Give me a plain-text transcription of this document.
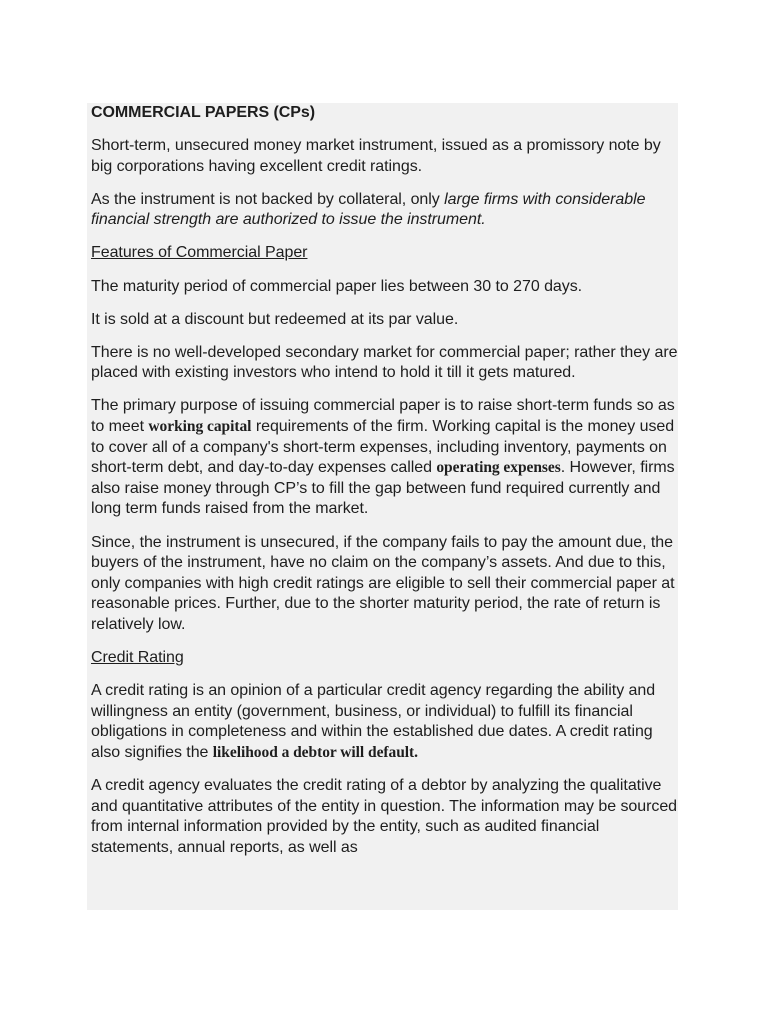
COMMERCIAL PAPERS (CPs)

Short-term, unsecured money market instrument, issued as a promissory note by big corporations having excellent credit ratings.

As the instrument is not backed by collateral, only large firms with considerable financial strength are authorized to issue the instrument.

Features of Commercial Paper

The maturity period of commercial paper lies between 30 to 270 days.

It is sold at a discount but redeemed at its par value.

There is no well-developed secondary market for commercial paper; rather they are placed with existing investors who intend to hold it till it gets matured.

The primary purpose of issuing commercial paper is to raise short-term funds so as to meet working capital requirements of the firm. Working capital is the money used to cover all of a company's short-term expenses, including inventory, payments on short-term debt, and day-to-day expenses called operating expenses. However, firms also raise money through CP’s to fill the gap between fund required currently and long term funds raised from the market.

Since, the instrument is unsecured, if the company fails to pay the amount due, the buyers of the instrument, have no claim on the company’s assets. And due to this, only companies with high credit ratings are eligible to sell their commercial paper at reasonable prices. Further, due to the shorter maturity period, the rate of return is relatively low.

Credit Rating

A credit rating is an opinion of a particular credit agency regarding the ability and willingness an entity (government, business, or individual) to fulfill its financial obligations in completeness and within the established due dates. A credit rating also signifies the likelihood a debtor will default.

A credit agency evaluates the credit rating of a debtor by analyzing the qualitative and quantitative attributes of the entity in question. The information may be sourced from internal information provided by the entity, such as audited financial statements, annual reports, as well as
